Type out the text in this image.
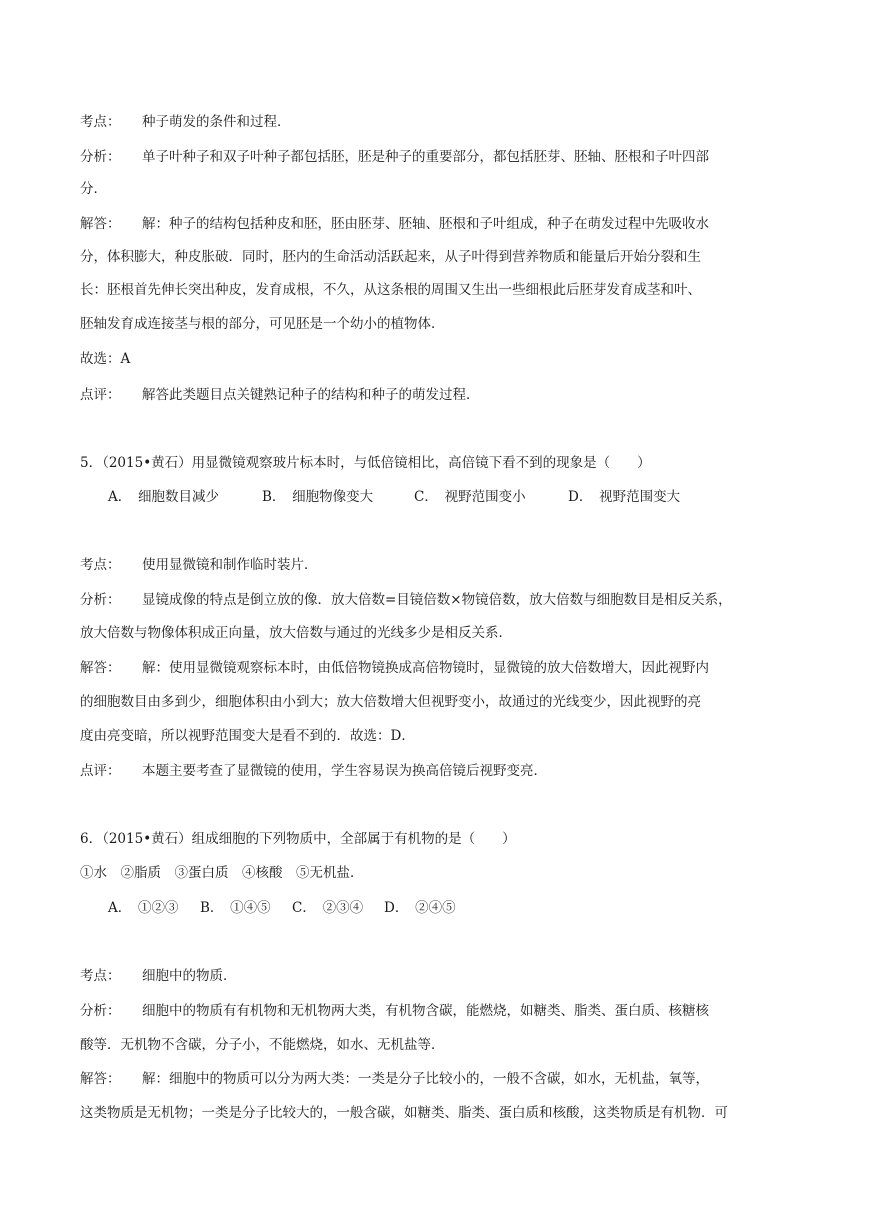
考点： 种子萌发的条件和过程．
分析： 单子叶种子和双子叶种子都包括胚，胚是种子的重要部分，都包括胚芽、胚轴、胚根和子叶四部
分．
解答： 解：种子的结构包括种皮和胚，胚由胚芽、胚轴、胚根和子叶组成，种子在萌发过程中先吸收水
分，体积膨大，种皮胀破．同时，胚内的生命活动活跃起来，从子叶得到营养物质和能量后开始分裂和生
长：胚根首先伸长突出种皮，发育成根，不久，从这条根的周围又生出一些细根此后胚芽发育成茎和叶、
胚轴发育成连接茎与根的部分，可见胚是一个幼小的植物体．
故选：A
点评： 解答此类题目点关键熟记种子的结构和种子的萌发过程．
5．（2015•黄石）用显微镜观察玻片标本时，与低倍镜相比，高倍镜下看不到的现象是（　　）
A．　细胞数目减少	B．　细胞物像变大	C．　视野范围变小	D．　视野范围变大
考点： 使用显微镜和制作临时装片．
分析： 显镜成像的特点是倒立放的像．放大倍数=目镜倍数×物镜倍数，放大倍数与细胞数目是相反关系，
放大倍数与物像体积成正向量，放大倍数与通过的光线多少是相反关系．
解答： 解：使用显微镜观察标本时，由低倍物镜换成高倍物镜时，显微镜的放大倍数增大，因此视野内
的细胞数目由多到少，细胞体积由小到大；放大倍数增大但视野变小，故通过的光线变少，因此视野的亮
度由亮变暗，所以视野范围变大是看不到的．故选：D．
点评： 本题主要考查了显微镜的使用，学生容易误为换高倍镜后视野变亮．
6．（2015•黄石）组成细胞的下列物质中，全部属于有机物的是（　　）
①水　②脂质　③蛋白质　④核酸　⑤无机盐．
A．　①②③ B．　①④⑤ C．　②③④ D．　②④⑤
考点： 细胞中的物质．
分析： 细胞中的物质有有机物和无机物两大类，有机物含碳，能燃烧，如糖类、脂类、蛋白质、核糖核
酸等．无机物不含碳，分子小，不能燃烧，如水、无机盐等．
解答： 解：细胞中的物质可以分为两大类：一类是分子比较小的，一般不含碳，如水，无机盐，氧等，
这类物质是无机物；一类是分子比较大的，一般含碳，如糖类、脂类、蛋白质和核酸，这类物质是有机物．可
